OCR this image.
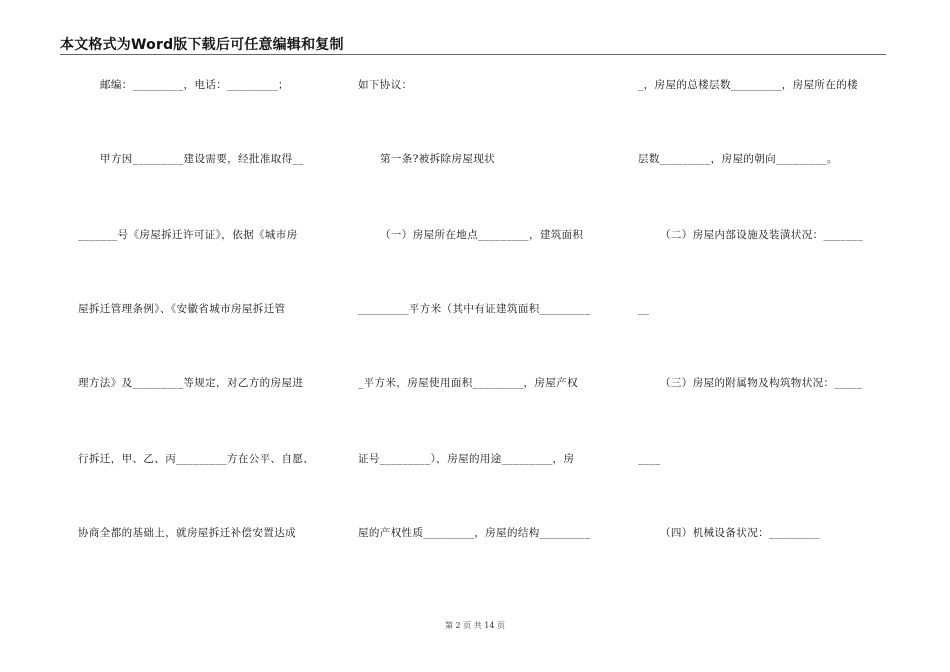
本文格式为Word版下载后可任意编辑和复制
邮编：_________，电话：_________；
甲方因_________建设需要，经批准取得__
_______号《房屋拆迁许可证》，依据《城市房
屋拆迁管理条例》、《安徽省城市房屋拆迁管
理方法》及_________等规定，对乙方的房屋进
行拆迁，甲、乙、丙_________方在公平、自愿、
协商全都的基础上，就房屋拆迁补偿安置达成
如下协议：
第一条?被拆除房屋现状
（一）房屋所在地点_________，建筑面积
_________平方米（其中有证建筑面积_________
_平方米，房屋使用面积_________，房屋产权
证号_________），房屋的用途_________，房
屋的产权性质_________，房屋的结构_________
_，房屋的总楼层数_________，房屋所在的楼
层数_________，房屋的朝向_________。
（二）房屋内部设施及装潢状况：_______
__
（三）房屋的附属物及构筑物状况：_____
____
（四）机械设备状况：_________
第 2 页 共 14 页
